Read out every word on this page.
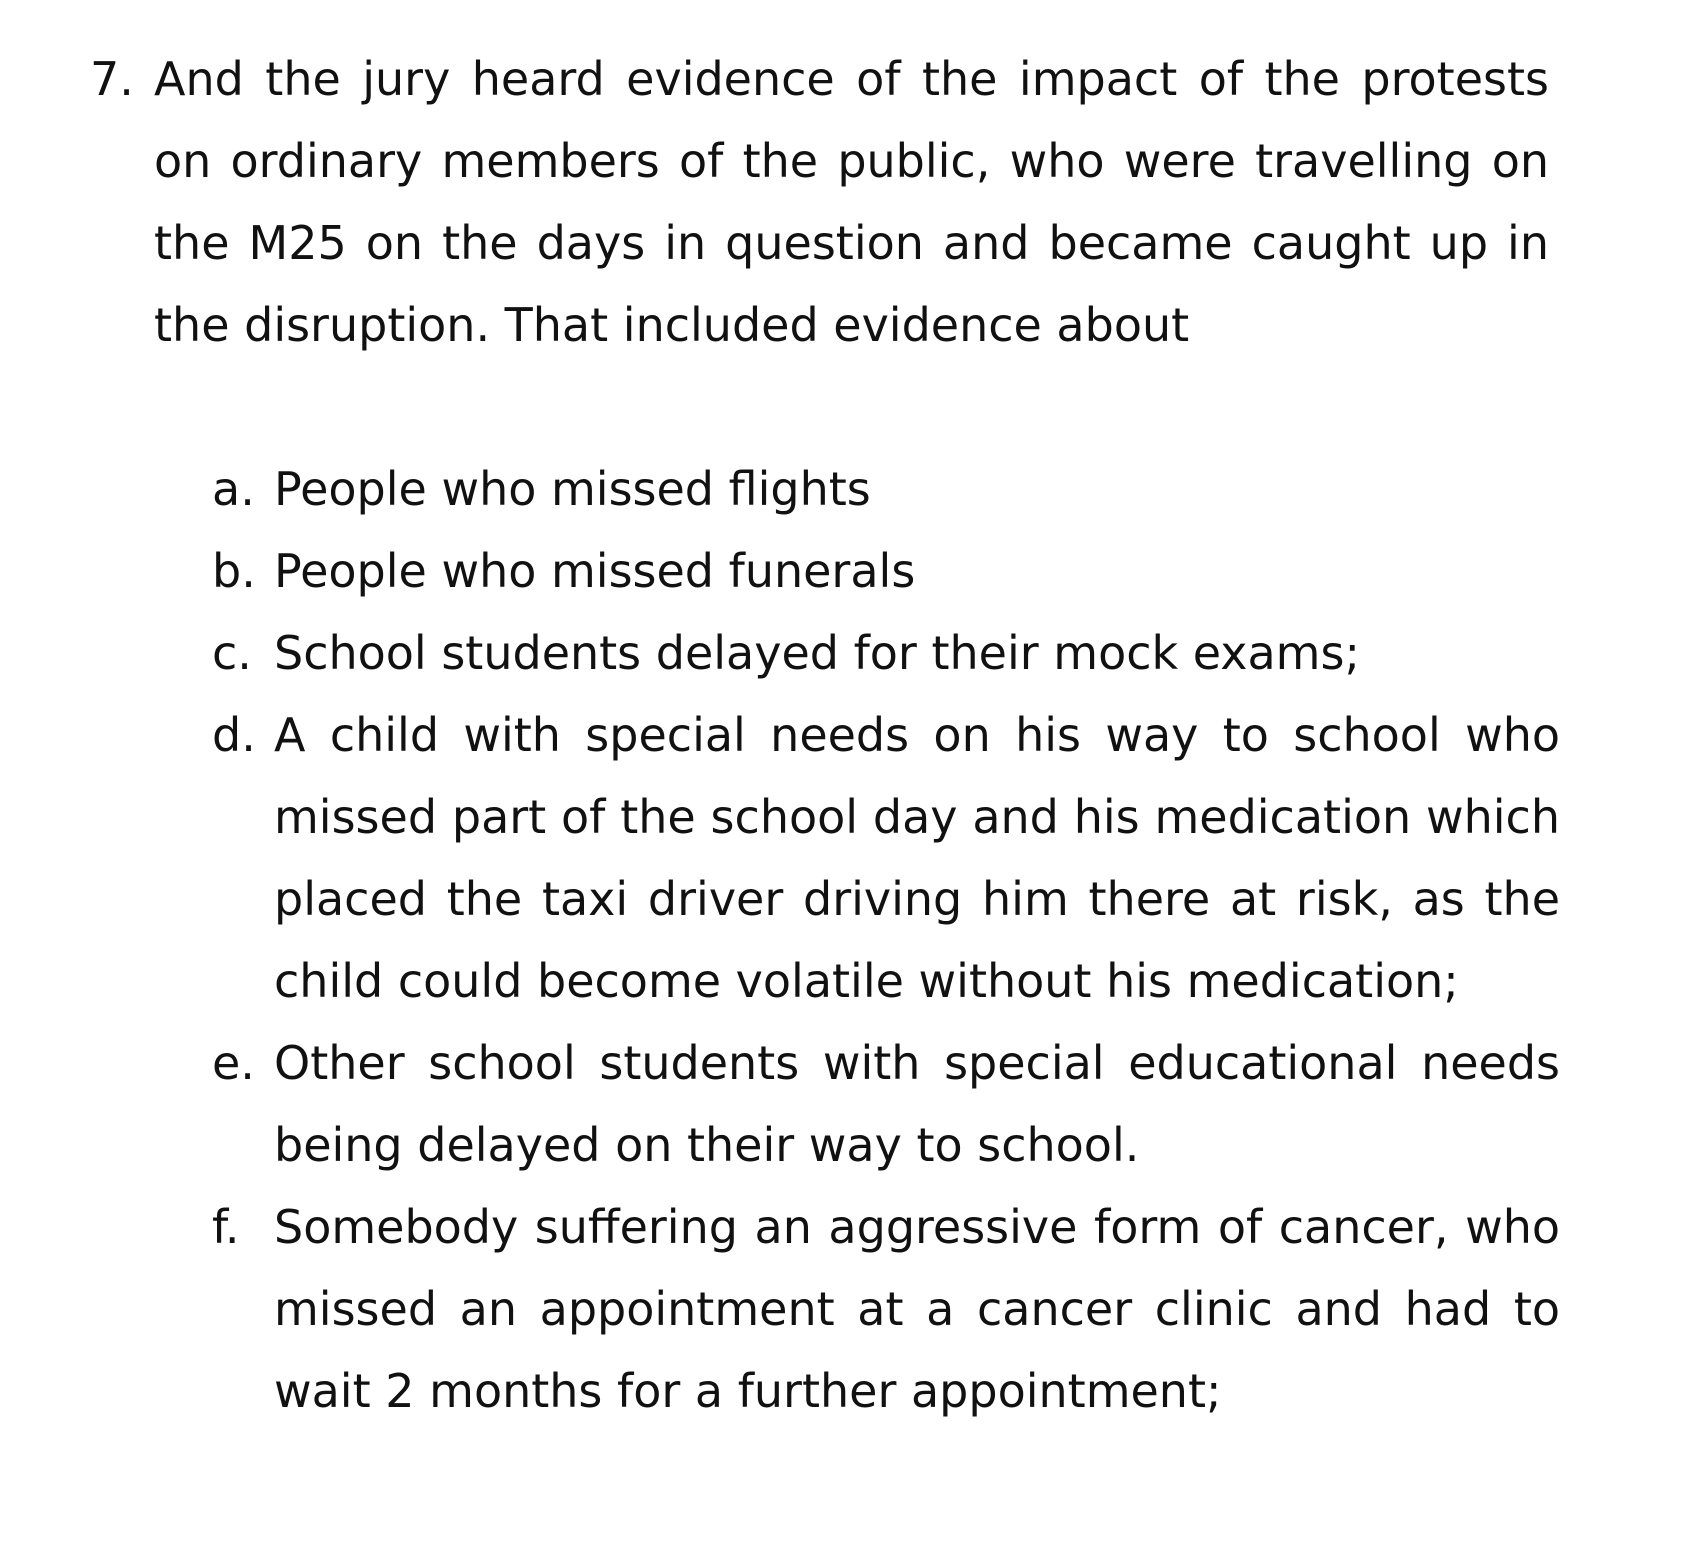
7. And the jury heard evidence of the impact of the protests on ordinary members of the public, who were travelling on the M25 on the days in question and became caught up in the disruption. That included evidence about
a. People who missed flights
b. People who missed funerals
c. School students delayed for their mock exams;
d. A child with special needs on his way to school who missed part of the school day and his medication which placed the taxi driver driving him there at risk, as the child could become volatile without his medication;
e. Other school students with special educational needs being delayed on their way to school.
f. Somebody suffering an aggressive form of cancer, who missed an appointment at a cancer clinic and had to wait 2 months for a further appointment;
